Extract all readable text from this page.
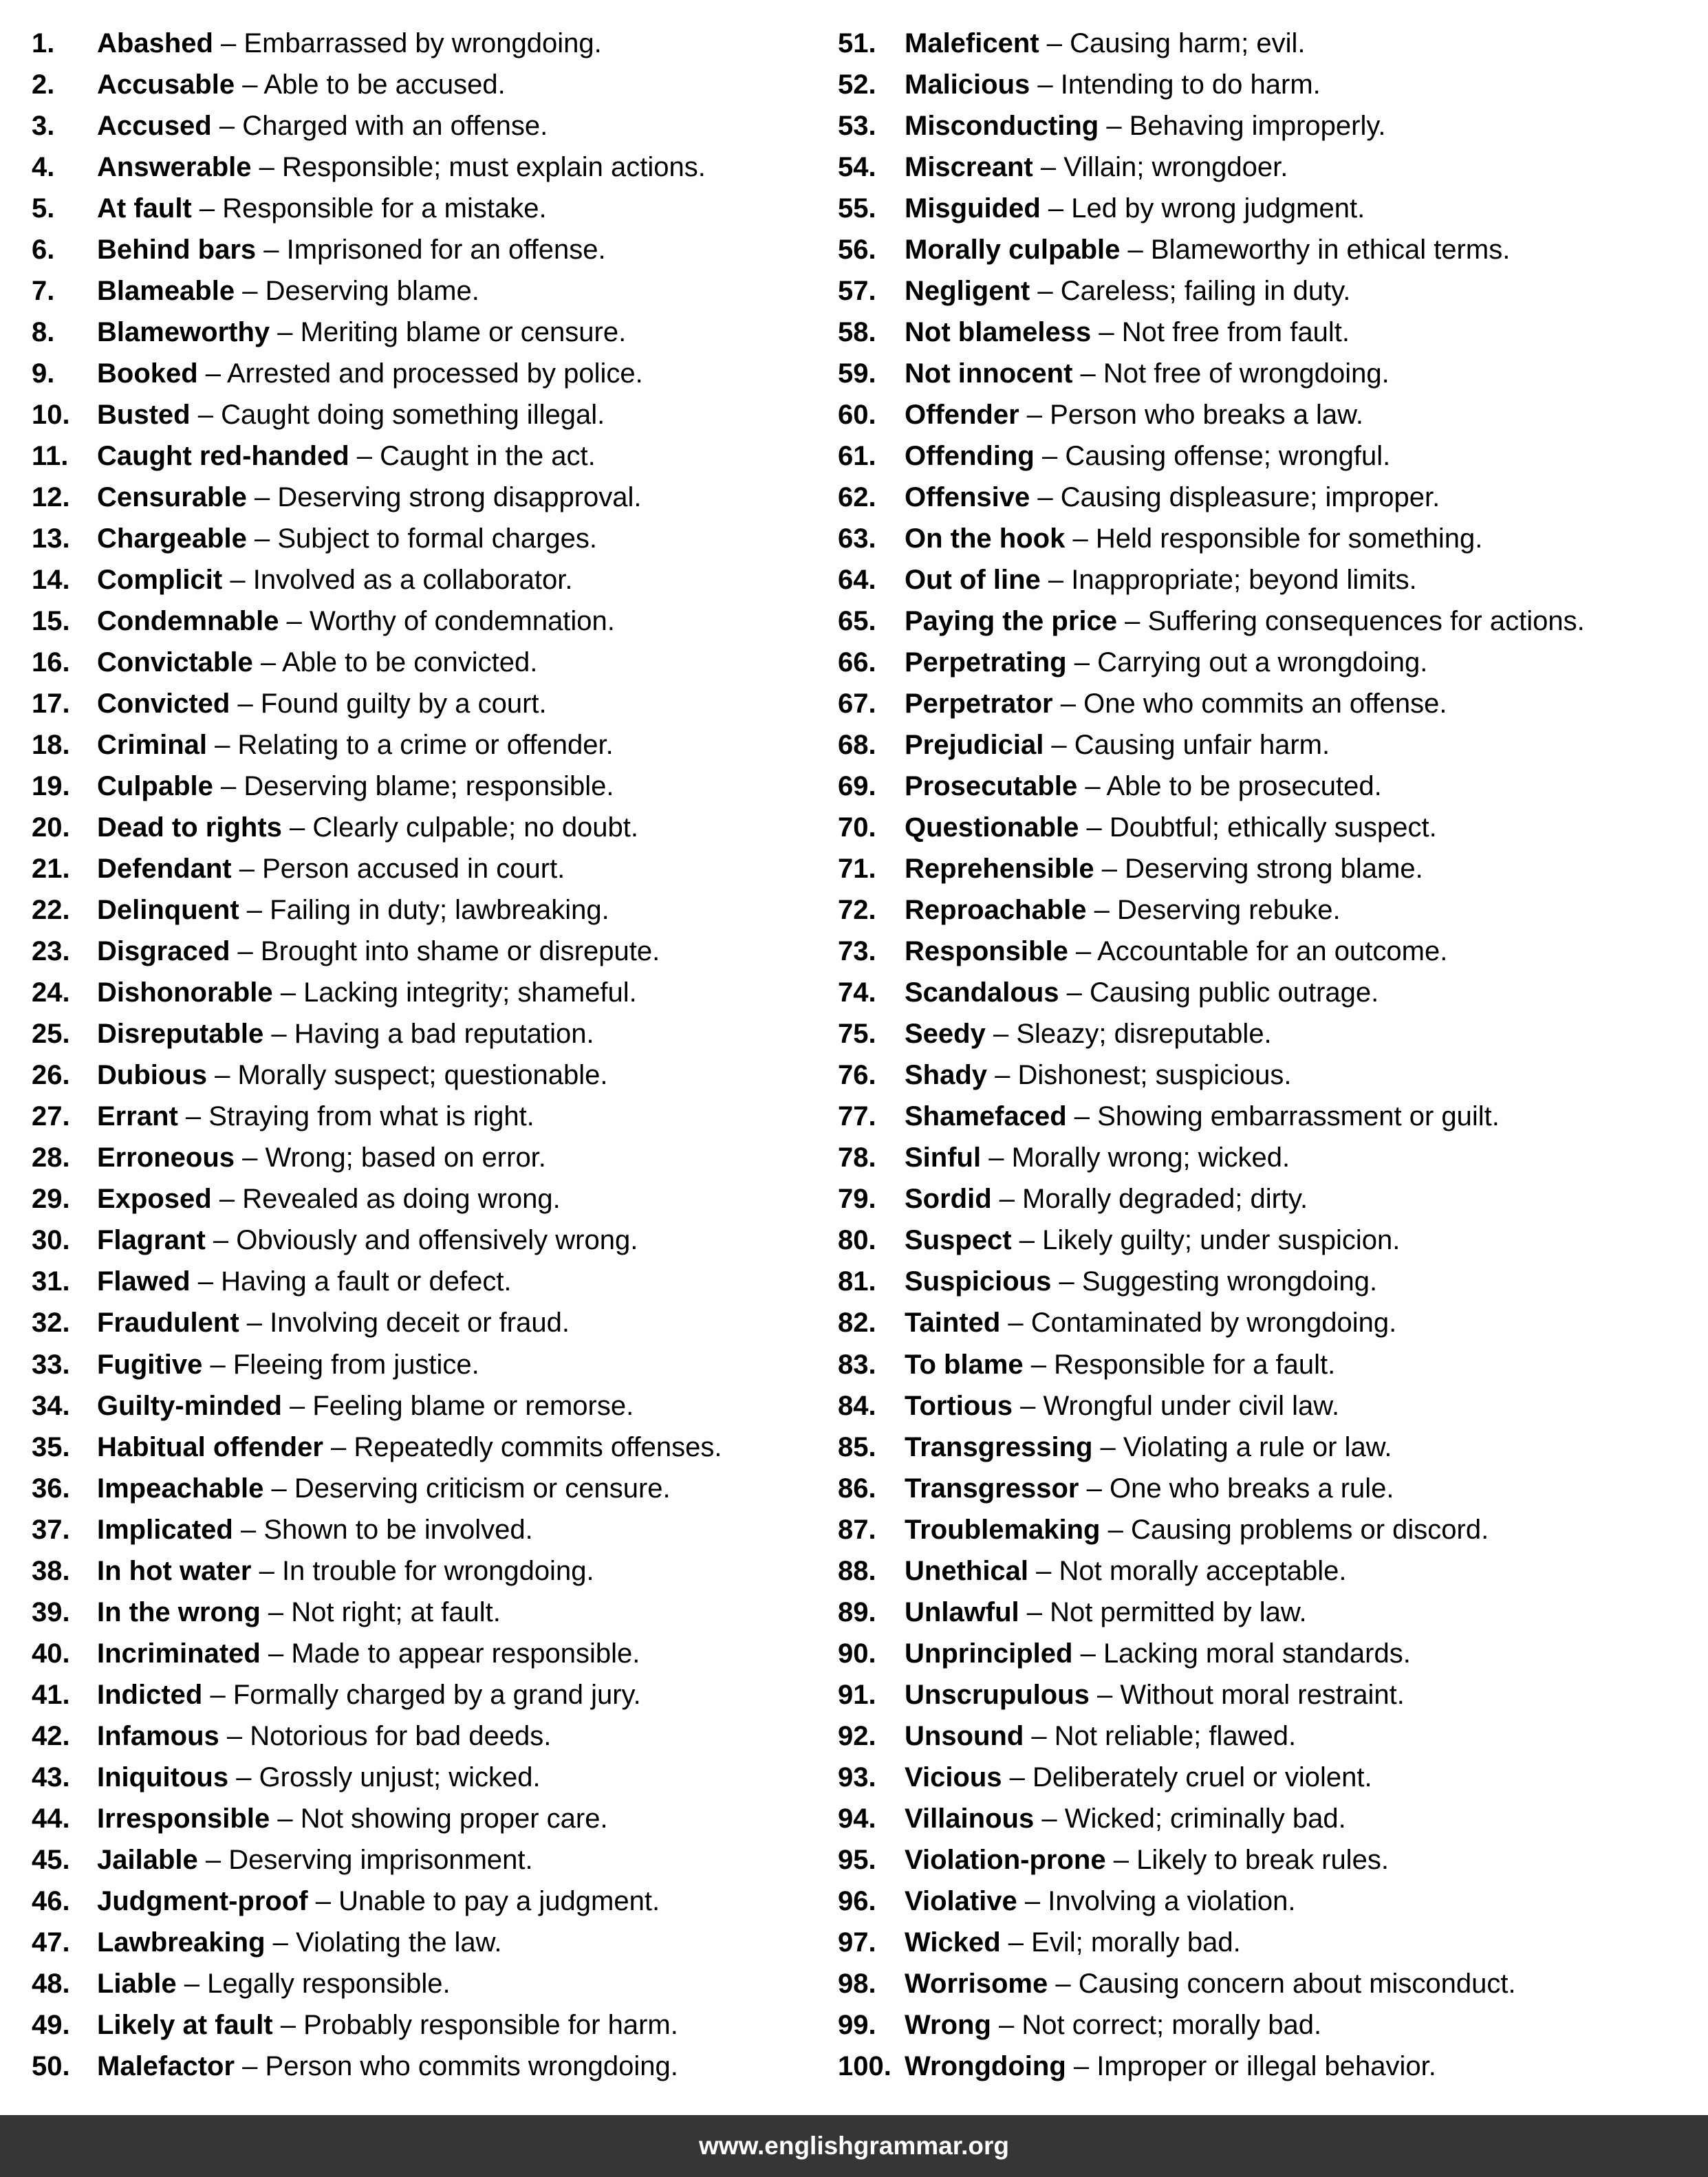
1. Abashed – Embarrassed by wrongdoing.
2. Accusable – Able to be accused.
3. Accused – Charged with an offense.
4. Answerable – Responsible; must explain actions.
5. At fault – Responsible for a mistake.
6. Behind bars – Imprisoned for an offense.
7. Blameable – Deserving blame.
8. Blameworthy – Meriting blame or censure.
9. Booked – Arrested and processed by police.
10. Busted – Caught doing something illegal.
11. Caught red-handed – Caught in the act.
12. Censurable – Deserving strong disapproval.
13. Chargeable – Subject to formal charges.
14. Complicit – Involved as a collaborator.
15. Condemnable – Worthy of condemnation.
16. Convictable – Able to be convicted.
17. Convicted – Found guilty by a court.
18. Criminal – Relating to a crime or offender.
19. Culpable – Deserving blame; responsible.
20. Dead to rights – Clearly culpable; no doubt.
21. Defendant – Person accused in court.
22. Delinquent – Failing in duty; lawbreaking.
23. Disgraced – Brought into shame or disrepute.
24. Dishonorable – Lacking integrity; shameful.
25. Disreputable – Having a bad reputation.
26. Dubious – Morally suspect; questionable.
27. Errant – Straying from what is right.
28. Erroneous – Wrong; based on error.
29. Exposed – Revealed as doing wrong.
30. Flagrant – Obviously and offensively wrong.
31. Flawed – Having a fault or defect.
32. Fraudulent – Involving deceit or fraud.
33. Fugitive – Fleeing from justice.
34. Guilty-minded – Feeling blame or remorse.
35. Habitual offender – Repeatedly commits offenses.
36. Impeachable – Deserving criticism or censure.
37. Implicated – Shown to be involved.
38. In hot water – In trouble for wrongdoing.
39. In the wrong – Not right; at fault.
40. Incriminated – Made to appear responsible.
41. Indicted – Formally charged by a grand jury.
42. Infamous – Notorious for bad deeds.
43. Iniquitous – Grossly unjust; wicked.
44. Irresponsible – Not showing proper care.
45. Jailable – Deserving imprisonment.
46. Judgment-proof – Unable to pay a judgment.
47. Lawbreaking – Violating the law.
48. Liable – Legally responsible.
49. Likely at fault – Probably responsible for harm.
50. Malefactor – Person who commits wrongdoing.
51. Maleficent – Causing harm; evil.
52. Malicious – Intending to do harm.
53. Misconducting – Behaving improperly.
54. Miscreant – Villain; wrongdoer.
55. Misguided – Led by wrong judgment.
56. Morally culpable – Blameworthy in ethical terms.
57. Negligent – Careless; failing in duty.
58. Not blameless – Not free from fault.
59. Not innocent – Not free of wrongdoing.
60. Offender – Person who breaks a law.
61. Offending – Causing offense; wrongful.
62. Offensive – Causing displeasure; improper.
63. On the hook – Held responsible for something.
64. Out of line – Inappropriate; beyond limits.
65. Paying the price – Suffering consequences for actions.
66. Perpetrating – Carrying out a wrongdoing.
67. Perpetrator – One who commits an offense.
68. Prejudicial – Causing unfair harm.
69. Prosecutable – Able to be prosecuted.
70. Questionable – Doubtful; ethically suspect.
71. Reprehensible – Deserving strong blame.
72. Reproachable – Deserving rebuke.
73. Responsible – Accountable for an outcome.
74. Scandalous – Causing public outrage.
75. Seedy – Sleazy; disreputable.
76. Shady – Dishonest; suspicious.
77. Shamefaced – Showing embarrassment or guilt.
78. Sinful – Morally wrong; wicked.
79. Sordid – Morally degraded; dirty.
80. Suspect – Likely guilty; under suspicion.
81. Suspicious – Suggesting wrongdoing.
82. Tainted – Contaminated by wrongdoing.
83. To blame – Responsible for a fault.
84. Tortious – Wrongful under civil law.
85. Transgressing – Violating a rule or law.
86. Transgressor – One who breaks a rule.
87. Troublemaking – Causing problems or discord.
88. Unethical – Not morally acceptable.
89. Unlawful – Not permitted by law.
90. Unprincipled – Lacking moral standards.
91. Unscrupulous – Without moral restraint.
92. Unsound – Not reliable; flawed.
93. Vicious – Deliberately cruel or violent.
94. Villainous – Wicked; criminally bad.
95. Violation-prone – Likely to break rules.
96. Violative – Involving a violation.
97. Wicked – Evil; morally bad.
98. Worrisome – Causing concern about misconduct.
99. Wrong – Not correct; morally bad.
100. Wrongdoing – Improper or illegal behavior.
www.englishgrammar.org
